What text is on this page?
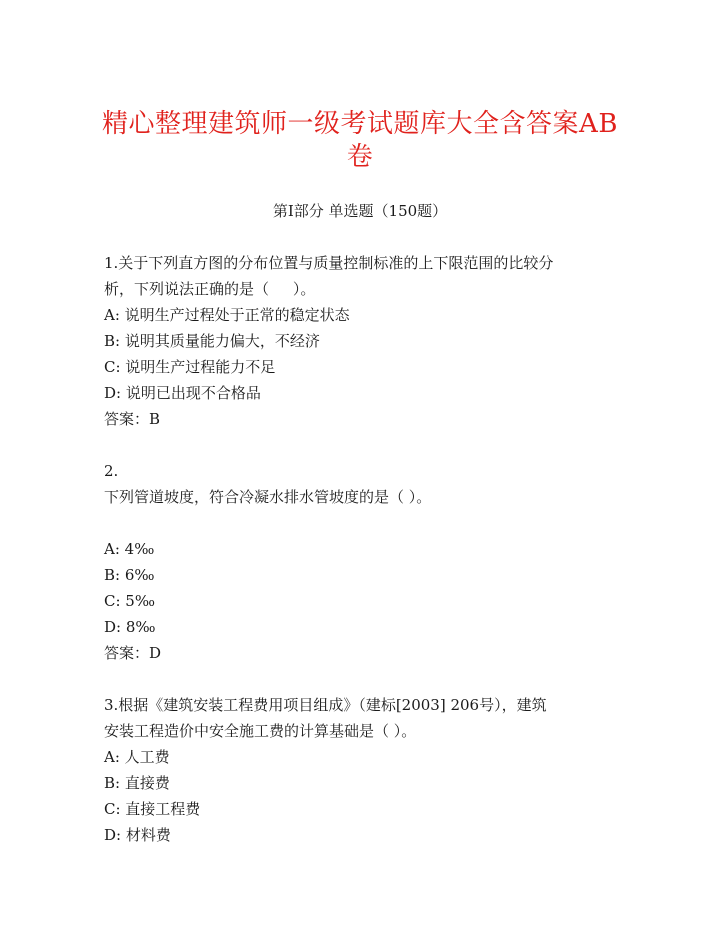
精心整理建筑师一级考试题库大全含答案AB卷
第I部分 单选题（150题）

1.关于下列直方图的分布位置与质量控制标准的上下限范围的比较分

析，下列说法正确的是（     ）。

A: 说明生产过程处于正常的稳定状态

B: 说明其质量能力偏大，不经济

C: 说明生产过程能力不足

D: 说明已出现不合格品

答案：B

2.

下列管道坡度，符合冷凝水排水管坡度的是（ ）。

A: 4‰

B: 6‰

C: 5‰

D: 8‰

答案：D

3.根据《建筑安装工程费用项目组成》（建标[2003] 206号），建筑

安装工程造价中安全施工费的计算基础是（ ）。

A: 人工费

B: 直接费

C: 直接工程费

D: 材料费
